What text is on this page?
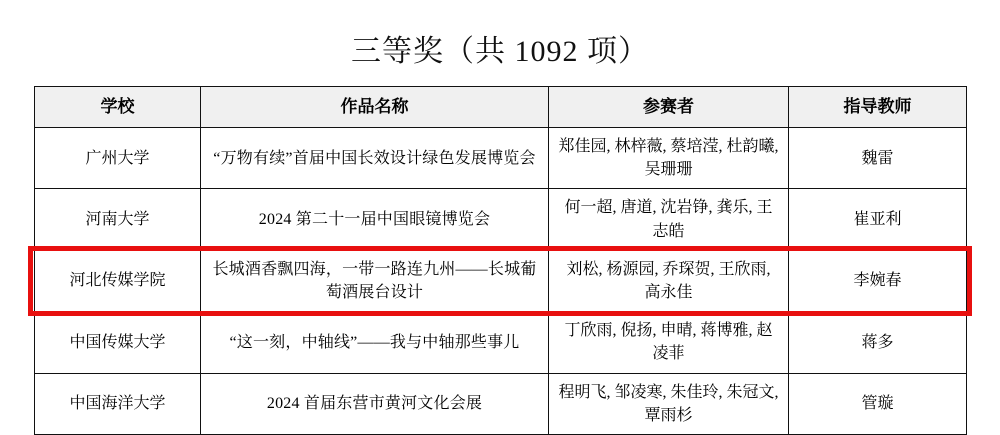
三等奖（共 1092 项）
学校	作品名称	参赛者	指导教师
广州大学	“万物有续”首届中国长效设计绿色发展博览会	郑佳园, 林梓薇, 蔡培滢, 杜韵曦, 吴珊珊	魏雷
河南大学	2024 第二十一届中国眼镜博览会	何一超, 唐道, 沈岩铮, 龚乐, 王志皓	崔亚利
河北传媒学院	长城酒香飘四海，一带一路连九州——长城葡萄酒展台设计	刘松, 杨源园, 乔琛贺, 王欣雨, 高永佳	李婉春
中国传媒大学	“这一刻，中轴线”——我与中轴那些事儿	丁欣雨, 倪扬, 申晴, 蒋博雅, 赵凌菲	蒋多
中国海洋大学	2024 首届东营市黄河文化会展	程明飞, 邹凌寒, 朱佳玲, 朱冠文, 覃雨杉	管璇
